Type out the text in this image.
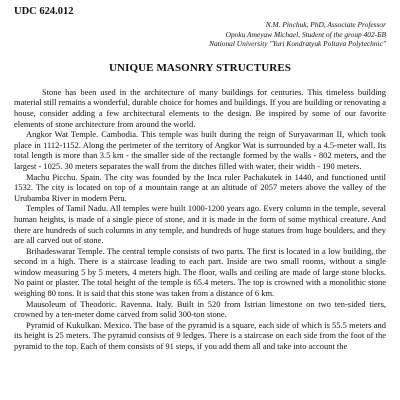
UDC 624.012
N.M. Pinchuk, PhD, Associate Professor
Opoku Ameyaw Michael, Student of the group 402-БВ
National University "Yuri Kondratyuk Poltava Polytechnic"
UNIQUE MASONRY STRUCTURES

Stone has been used in the architecture of many buildings for centuries. This timeless building material still remains a wonderful, durable choice for homes and buildings. If you are building or renovating a house, consider adding a few architectural elements to the design. Be inspired by some of our favorite elements of stone architecture from around the world.

Angkor Wat Temple. Cambodia. This temple was built during the reign of Suryavarman II, which took place in 1112-1152. Along the perimeter of the territory of Angkor Wat is surrounded by a 4.5-meter wall. Its total length is more than 3.5 km - the smaller side of the rectangle formed by the walls - 802 meters, and the largest - 1025. 30 meters separates the wall from the ditches filled with water, their width - 190 meters.

Machu Picchu. Spain. The city was founded by the Inca ruler Pachakutek in 1440, and functioned until 1532. The city is located on top of a mountain range at an altitude of 2057 meters above the valley of the Urubamba River in modern Peru.

Temples of Tamil Nadu. All temples were built 1000-1200 years ago. Every column in the temple, several human heights, is made of a single piece of stone, and it is made in the form of some mythical creature. And there are hundreds of such columns in any temple, and hundreds of huge statues from huge boulders, and they are all carved out of stone.

Brihadeswarar Temple. The central temple consists of two parts. The first is located in a low building, the second in a high. There is a staircase leading to each part. Inside are two small rooms, without a single window measuring 5 by 5 meters, 4 meters high. The floor, walls and ceiling are made of large stone blocks. No paint or plaster. The total height of the temple is 65.4 meters. The top is crowned with a monolithic stone weighing 80 tons. It is said that this stone was taken from a distance of 6 km.

Mausoleum of Theodoric. Ravenna. Italy. Built in 520 from Istrian limestone on two ten-sided tiers, crowned by a ten-meter dome carved from solid 300-ton stone.

Pyramid of Kukulkan. Mexico. The base of the pyramid is a square, each side of which is 55.5 meters and its height is 25 meters. The pyramid consists of 9 ledges. There is a staircase on each side from the foot of the pyramid to the top. Each of them consists of 91 steps, if you add them all and take into account the
